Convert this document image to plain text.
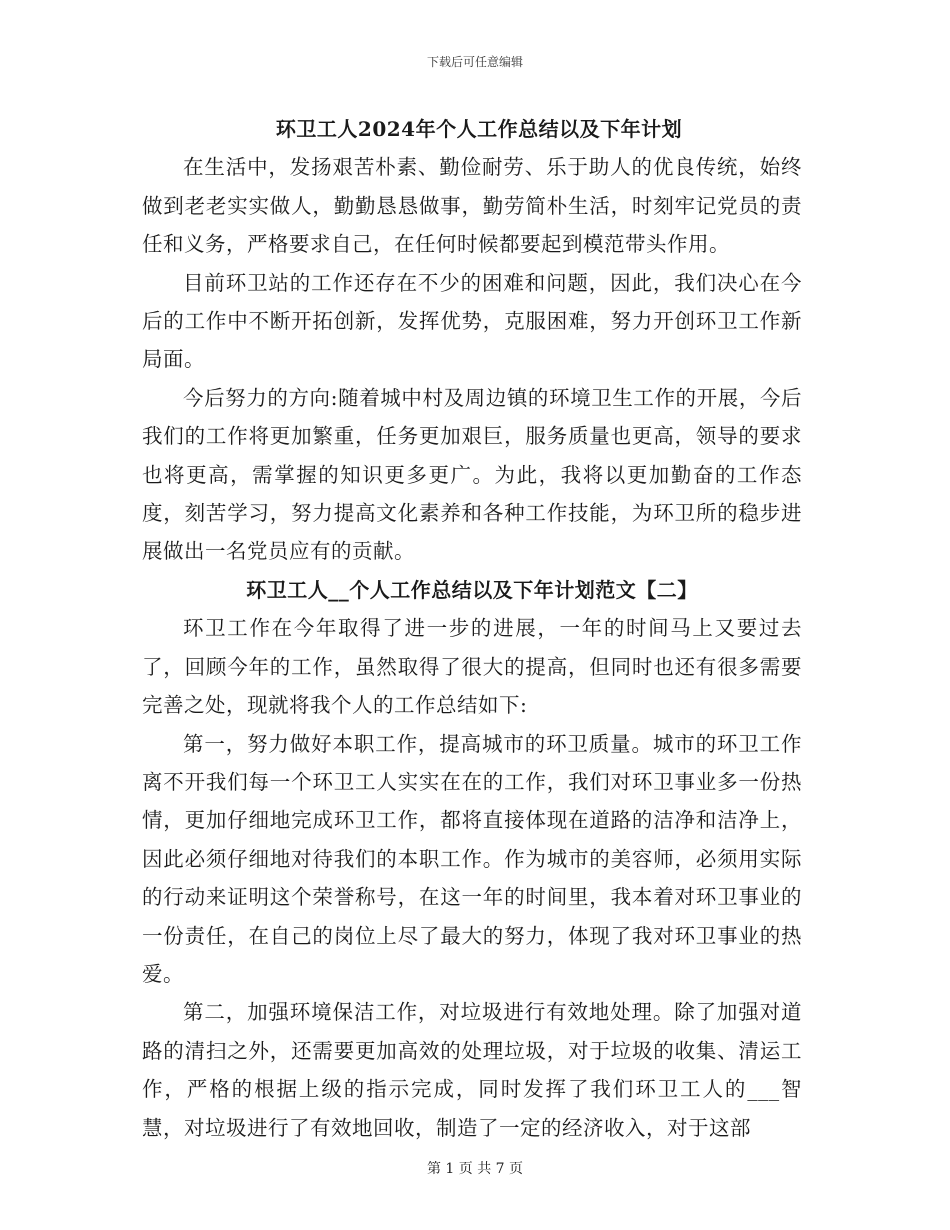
下载后可任意编辑
环卫工人2024年个人工作总结以及下年计划

在生活中，发扬艰苦朴素、勤俭耐劳、乐于助人的优良传统，始终做到老老实实做人，勤勤恳恳做事，勤劳简朴生活，时刻牢记党员的责任和义务，严格要求自己，在任何时候都要起到模范带头作用。

目前环卫站的工作还存在不少的困难和问题，因此，我们决心在今后的工作中不断开拓创新，发挥优势，克服困难，努力开创环卫工作新局面。

今后努力的方向:随着城中村及周边镇的环境卫生工作的开展，今后我们的工作将更加繁重，任务更加艰巨，服务质量也更高，领导的要求也将更高，需掌握的知识更多更广。为此，我将以更加勤奋的工作态度，刻苦学习，努力提高文化素养和各种工作技能，为环卫所的稳步进展做出一名党员应有的贡献。

环卫工人__个人工作总结以及下年计划范文【二】

环卫工作在今年取得了进一步的进展，一年的时间马上又要过去了，回顾今年的工作，虽然取得了很大的提高，但同时也还有很多需要完善之处，现就将我个人的工作总结如下:

第一，努力做好本职工作，提高城市的环卫质量。城市的环卫工作离不开我们每一个环卫工人实实在在的工作，我们对环卫事业多一份热情，更加仔细地完成环卫工作，都将直接体现在道路的洁净和洁净上，因此必须仔细地对待我们的本职工作。作为城市的美容师，必须用实际的行动来证明这个荣誉称号，在这一年的时间里，我本着对环卫事业的一份责任，在自己的岗位上尽了最大的努力，体现了我对环卫事业的热爱。

第二，加强环境保洁工作，对垃圾进行有效地处理。除了加强对道路的清扫之外，还需要更加高效的处理垃圾，对于垃圾的收集、清运工作，严格的根据上级的指示完成，同时发挥了我们环卫工人的___智慧，对垃圾进行了有效地回收，制造了一定的经济收入，对于这部

第 1 页 共 7 页
